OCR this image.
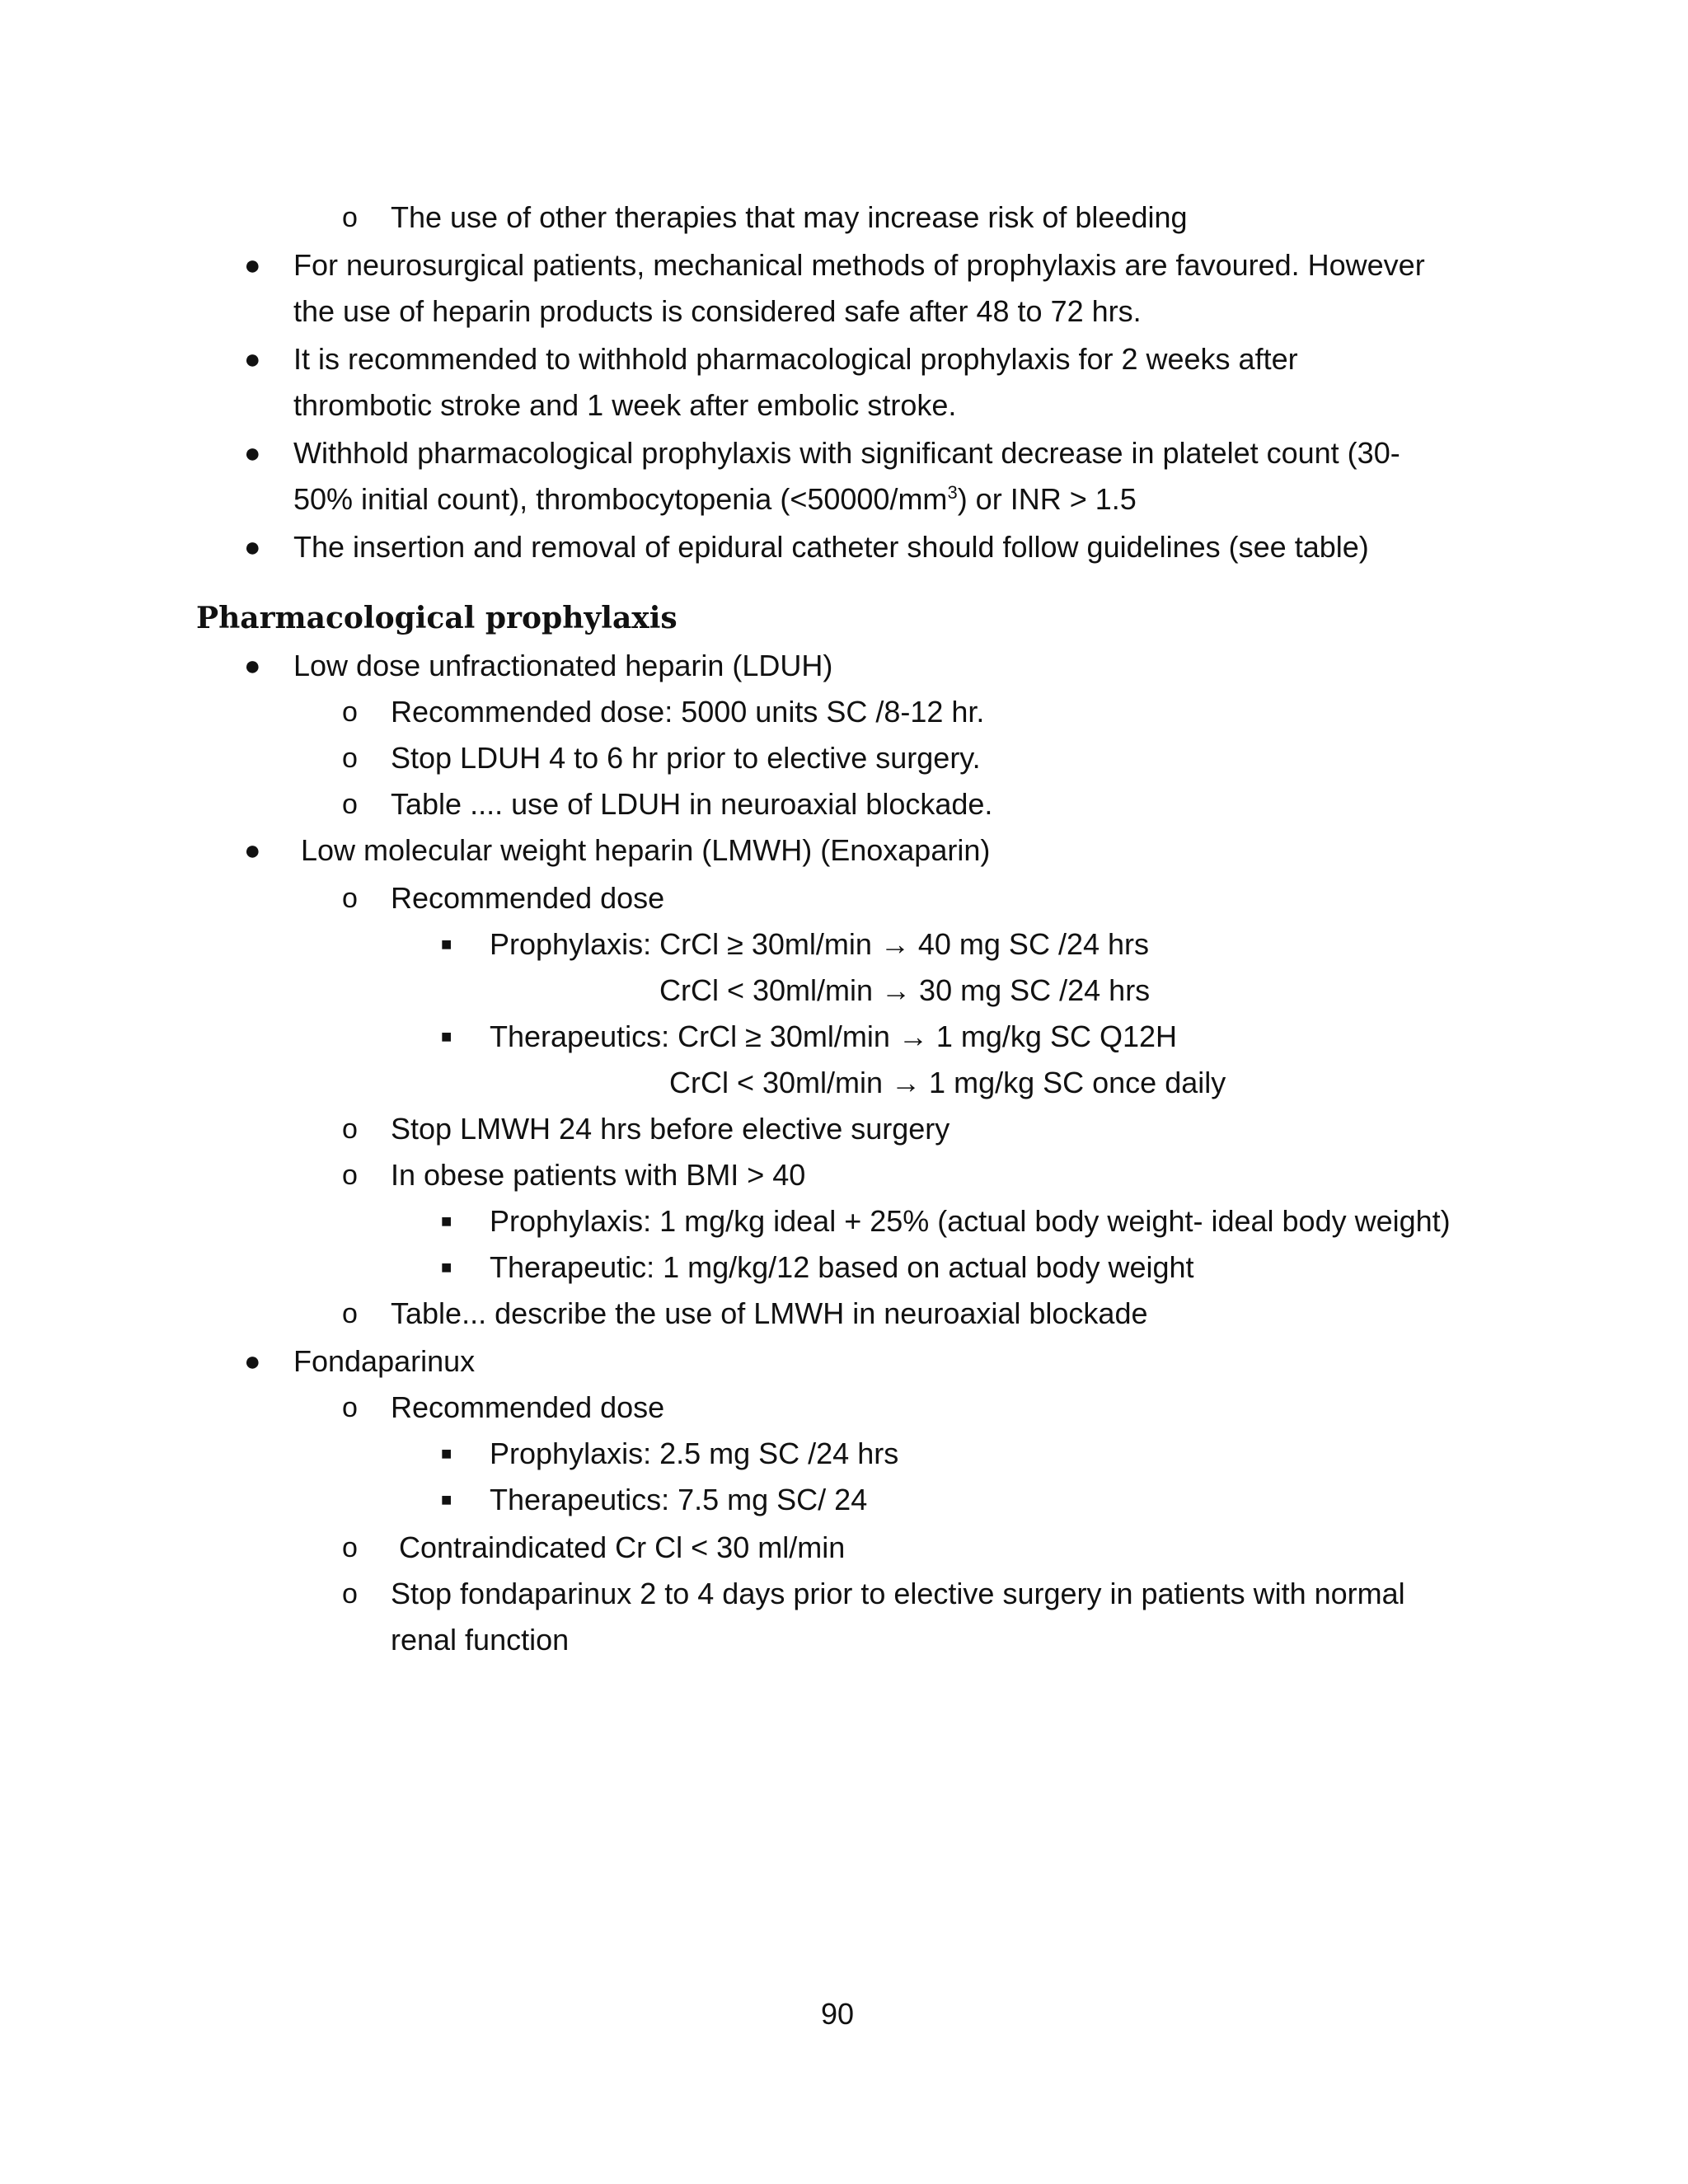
o The use of other therapies that may increase risk of bleeding
● For neurosurgical patients, mechanical methods of prophylaxis are favoured. However
the use of heparin products is considered safe after 48 to 72 hrs.
● It is recommended to withhold pharmacological prophylaxis for 2 weeks after
thrombotic stroke and 1 week after embolic stroke.
● Withhold pharmacological prophylaxis with significant decrease in platelet count (30-
50% initial count), thrombocytopenia $(<50000/mm^3)$ or INR > 1.5
● The insertion and removal of epidural catheter should follow guidelines (see table)
Pharmacological prophylaxis
● Low dose unfractionated heparin (LDUH)
o Recommended dose: 5000 units SC /8-12 hr.
o Stop LDUH 4 to 6 hr prior to elective surgery.
o Table .... use of LDUH in neuroaxial blockade.
● Low molecular weight heparin (LMWH) (Enoxaparin)
o Recommended dose
■ Prophylaxis: CrCl ≥ 30ml/min → 40 mg SC /24 hrs
CrCl < 30ml/min → 30 mg SC /24 hrs
■ Therapeutics: CrCl ≥ 30ml/min → 1 mg/kg SC Q12H
CrCl < 30ml/min → 1 mg/kg SC once daily
o Stop LMWH 24 hrs before elective surgery
o In obese patients with BMI > 40
■ Prophylaxis: 1 mg/kg ideal + 25% (actual body weight- ideal body weight)
■ Therapeutic: 1 mg/kg/12 based on actual body weight
o Table... describe the use of LMWH in neuroaxial blockade
● Fondaparinux
o Recommended dose
■ Prophylaxis: 2.5 mg SC /24 hrs
■ Therapeutics: 7.5 mg SC/ 24
o Contraindicated Cr Cl < 30 ml/min
o Stop fondaparinux 2 to 4 days prior to elective surgery in patients with normal
renal function
90
